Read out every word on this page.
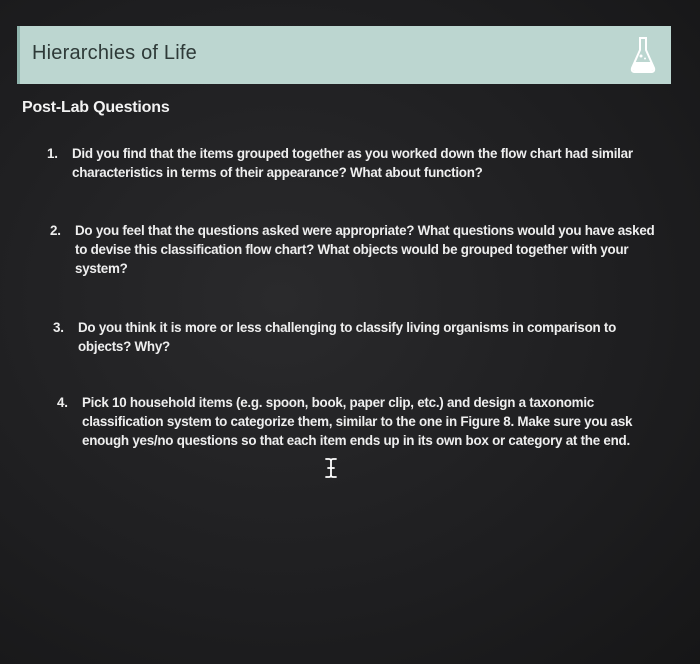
Hierarchies of Life
Post-Lab Questions
1. Did you find that the items grouped together as you worked down the flow chart had similar characteristics in terms of their appearance? What about function?
2. Do you feel that the questions asked were appropriate? What questions would you have asked to devise this classification flow chart? What objects would be grouped together with your system?
3. Do you think it is more or less challenging to classify living organisms in comparison to objects? Why?
4. Pick 10 household items (e.g. spoon, book, paper clip, etc.) and design a taxonomic classification system to categorize them, similar to the one in Figure 8. Make sure you ask enough yes/no questions so that each item ends up in its own box or category at the end.
